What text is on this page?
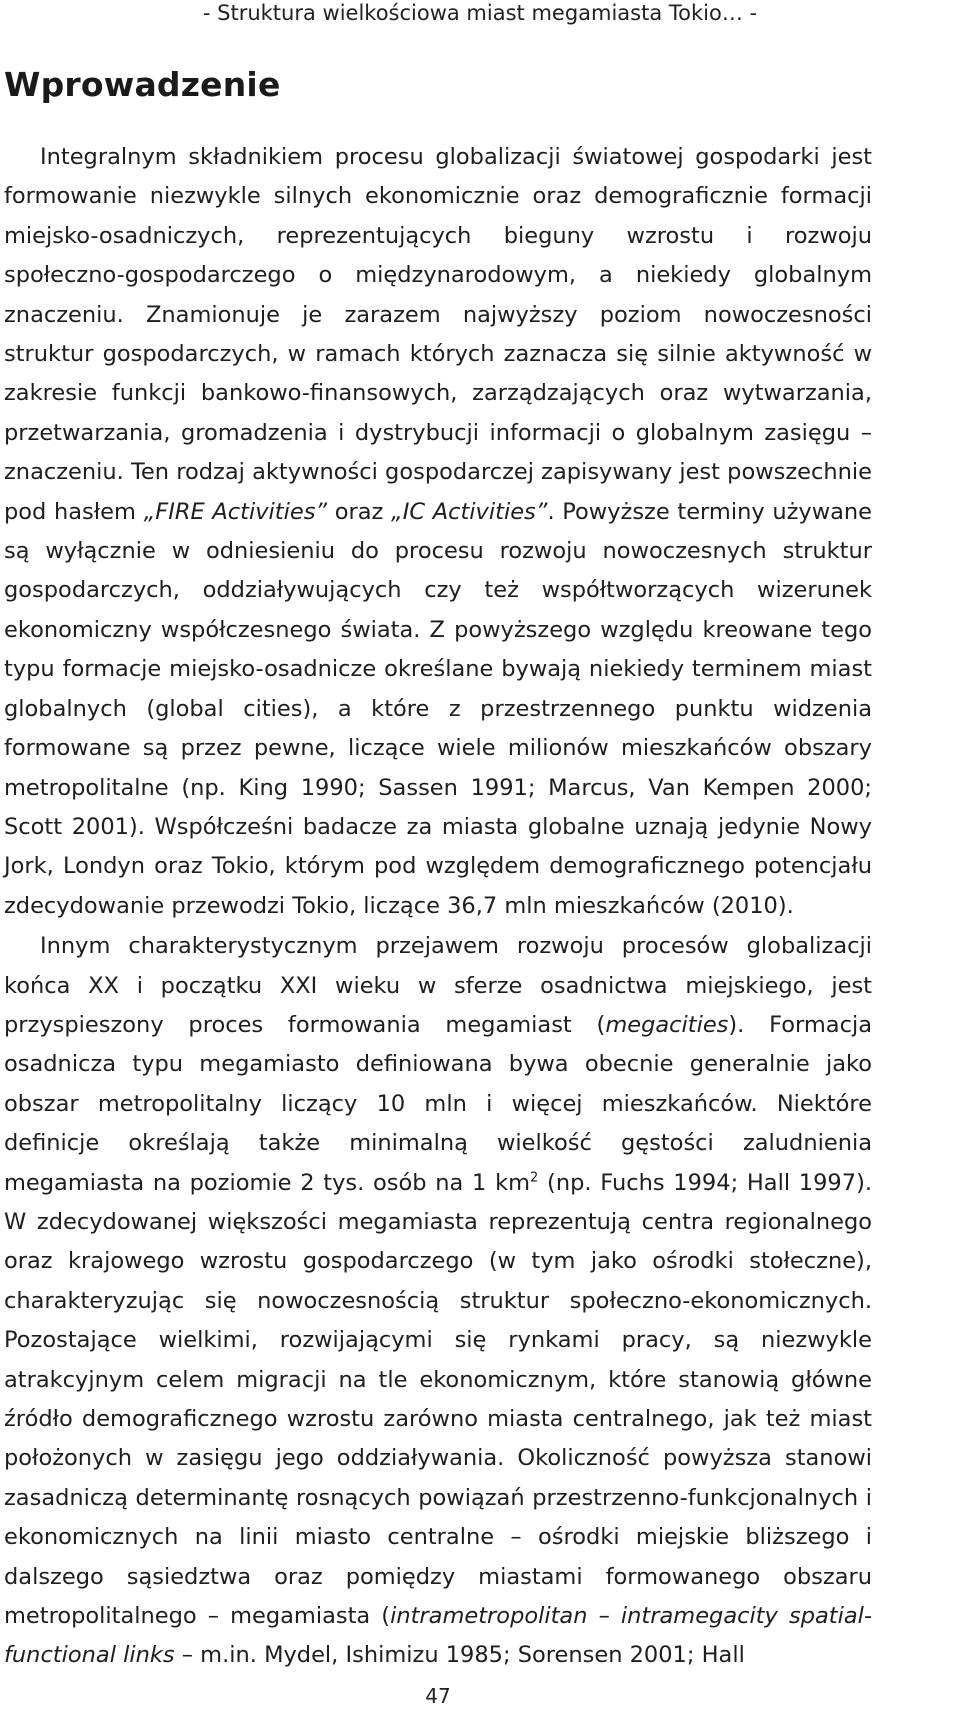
- Struktura wielkościowa miast megamiasta Tokio… -
Wprowadzenie

Integralnym składnikiem procesu globalizacji światowej gospodarki jest formowanie niezwykle silnych ekonomicznie oraz demograficznie formacji miejsko-osadniczych, reprezentujących bieguny wzrostu i rozwoju społeczno-gospodarczego o międzynarodowym, a niekiedy globalnym znaczeniu. Znamionuje je zarazem najwyższy poziom nowoczesności struktur gospodarczych, w ramach których zaznacza się silnie aktywność w zakresie funkcji bankowo-finansowych, zarządzających oraz wytwarzania, przetwarzania, gromadzenia i dystrybucji informacji o globalnym zasięgu – znaczeniu. Ten rodzaj aktywności gospodarczej zapisywany jest powszechnie pod hasłem „FIRE Activities” oraz „IC Activities”. Powyższe terminy używane są wyłącznie w odniesieniu do procesu rozwoju nowoczesnych struktur gospodarczych, oddziaływujących czy też współtworzących wizerunek ekonomiczny współczesnego świata. Z powyższego względu kreowane tego typu formacje miejsko-osadnicze określane bywają niekiedy terminem miast globalnych (global cities), a które z przestrzennego punktu widzenia formowane są przez pewne, liczące wiele milionów mieszkańców obszary metropolitalne (np. King 1990; Sassen 1991; Marcus, Van Kempen 2000; Scott 2001). Współcześni badacze za miasta globalne uznają jedynie Nowy Jork, Londyn oraz Tokio, którym pod względem demograficznego potencjału zdecydowanie przewodzi Tokio, liczące 36,7 mln mieszkańców (2010).

Innym charakterystycznym przejawem rozwoju procesów globalizacji końca XX i początku XXI wieku w sferze osadnictwa miejskiego, jest przyspieszony proces formowania megamiast (megacities). Formacja osadnicza typu megamiasto definiowana bywa obecnie generalnie jako obszar metropolitalny liczący 10 mln i więcej mieszkańców. Niektóre definicje określają także minimalną wielkość gęstości zaludnienia megamiasta na poziomie 2 tys. osób na 1 $km^2$ (np. Fuchs 1994; Hall 1997). W zdecydowanej większości megamiasta reprezentują centra regionalnego oraz krajowego wzrostu gospodarczego (w tym jako ośrodki stołeczne), charakteryzując się nowoczesnością struktur społeczno-ekonomicznych. Pozostające wielkimi, rozwijającymi się rynkami pracy, są niezwykle atrakcyjnym celem migracji na tle ekonomicznym, które stanowią główne źródło demograficznego wzrostu zarówno miasta centralnego, jak też miast położonych w zasięgu jego oddziaływania. Okoliczność powyższa stanowi zasadniczą determinantę rosnących powiązań przestrzenno-funkcjonalnych i ekonomicznych na linii miasto centralne – ośrodki miejskie bliższego i dalszego sąsiedztwa oraz pomiędzy miastami formowanego obszaru metropolitalnego – megamiasta (intrametropolitan – intramegacity spatial-functional links – m.in. Mydel, Ishimizu 1985; Sorensen 2001; Hall

47
